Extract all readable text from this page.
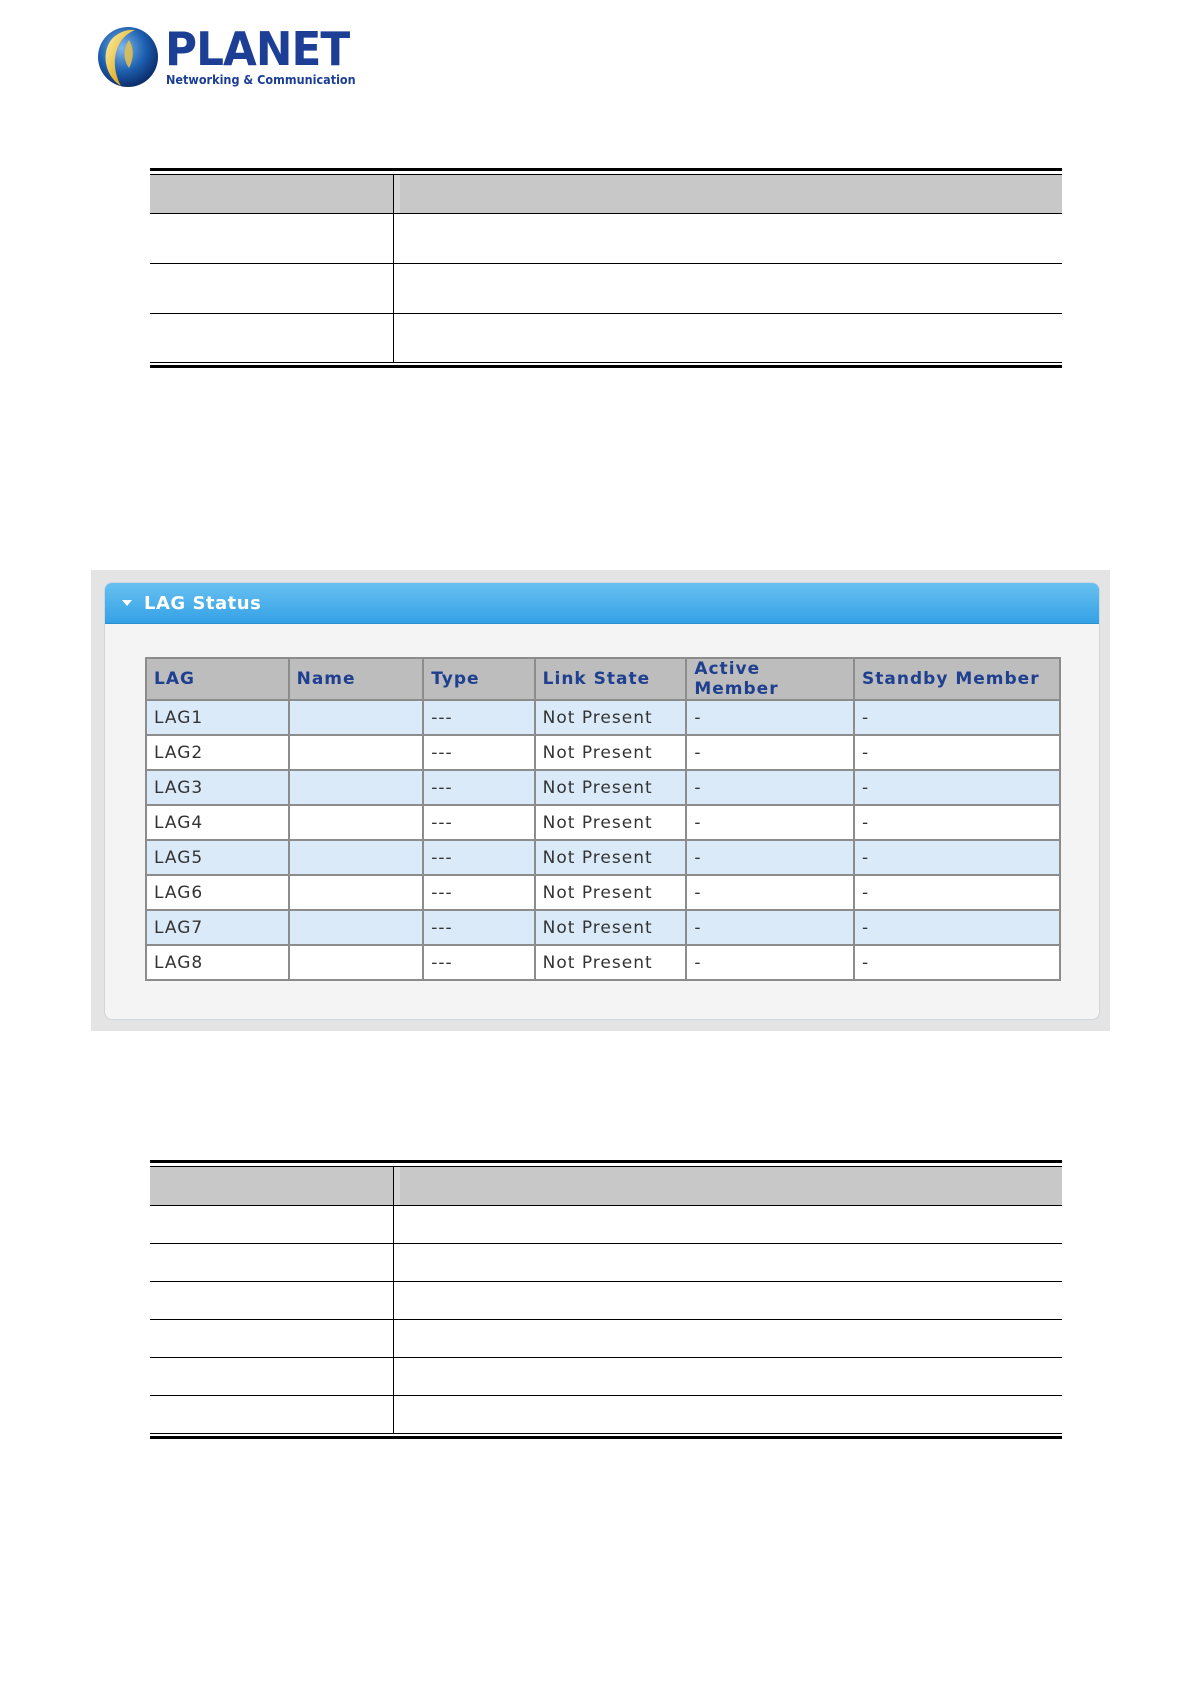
PLANET
Networking & Communication
LAG Status
LAG	Name	Type	Link State	Active Member	Standby Member
LAG1		---	Not Present	-	-
LAG2		---	Not Present	-	-
LAG3		---	Not Present	-	-
LAG4		---	Not Present	-	-
LAG5		---	Not Present	-	-
LAG6		---	Not Present	-	-
LAG7		---	Not Present	-	-
LAG8		---	Not Present	-	-
